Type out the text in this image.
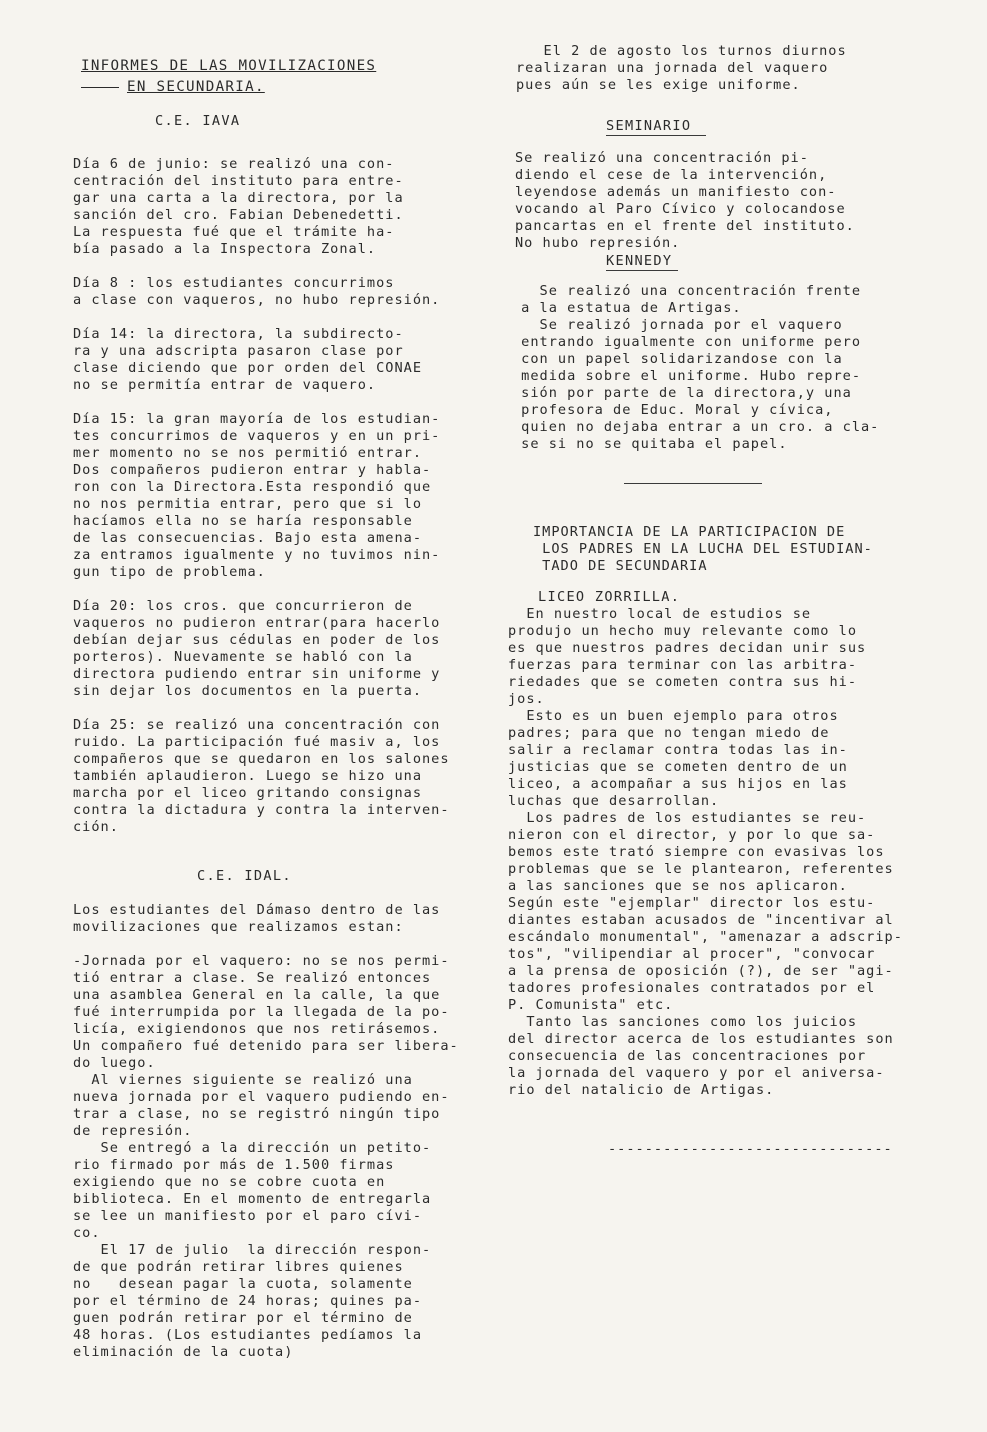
INFORMES DE LAS MOVILIZACIONES

EN SECUNDARIA.

C.E. IAVA

Día 6 de junio: se realizó una con-
centración del instituto para entre-
gar una carta a la directora, por la
sanción del cro. Fabian Debenedetti.
La respuesta fué que el trámite ha-
bía pasado a la Inspectora Zonal.

Día 8 : los estudiantes concurrimos
a clase con vaqueros, no hubo represión.

Día 14: la directora, la subdirecto-
ra y una adscripta pasaron clase por
clase diciendo que por orden del CONAE
no se permitía entrar de vaquero.

Día 15: la gran mayoría de los estudian-
tes concurrimos de vaqueros y en un pri-
mer momento no se nos permitió entrar.
Dos compañeros pudieron entrar y habla-
ron con la Directora.Esta respondió que
no nos permitia entrar, pero que si lo
hacíamos ella no se haría responsable
de las consecuencias. Bajo esta amena-
za entramos igualmente y no tuvimos nin-
gun tipo de problema.

Día 20: los cros. que concurrieron de
vaqueros no pudieron entrar(para hacerlo
debían dejar sus cédulas en poder de los
porteros). Nuevamente se habló con la
directora pudiendo entrar sin uniforme y
sin dejar los documentos en la puerta.

Día 25: se realizó una concentración con
ruido. La participación fué masiv a, los
compañeros que se quedaron en los salones
también aplaudieron. Luego se hizo una
marcha por el liceo gritando consignas
contra la dictadura y contra la interven-
ción.

C.E. IDAL.

Los estudiantes del Dámaso dentro de las
movilizaciones que realizamos estan:

-Jornada por el vaquero: no se nos permi-
tió entrar a clase. Se realizó entonces
una asamblea General en la calle, la que
fué interrumpida por la llegada de la po-
licía, exigiendonos que nos retirásemos.
Un compañero fué detenido para ser libera-
do luego.
Al viernes siguiente se realizó una
nueva jornada por el vaquero pudiendo en-
trar a clase, no se registró ningún tipo
de represión.
Se entregó a la dirección un petito-
rio firmado por más de 1.500 firmas
exigiendo que no se cobre cuota en
biblioteca. En el momento de entregarla
se lee un manifiesto por el paro cívi-
co.
El 17 de julio  la dirección respon-
de que podrán retirar libres quienes
no   desean pagar la cuota, solamente
por el término de 24 horas; quines pa-
guen podrán retirar por el término de
48 horas. (Los estudiantes pedíamos la
eliminación de la cuota)

El 2 de agosto los turnos diurnos
realizaran una jornada del vaquero
pues aún se les exige uniforme.

SEMINARIO

Se realizó una concentración pi-
diendo el cese de la intervención,
leyendose además un manifiesto con-
vocando al Paro Cívico y colocandose
pancartas en el frente del instituto.
No hubo represión.

KENNEDY

Se realizó una concentración frente
a la estatua de Artigas.
Se realizó jornada por el vaquero
entrando igualmente con uniforme pero
con un papel solidarizandose con la
medida sobre el uniforme. Hubo repre-
sión por parte de la directora,y una
profesora de Educ. Moral y cívica,
quien no dejaba entrar a un cro. a cla-
se si no se quitaba el papel.

IMPORTANCIA DE LA PARTICIPACION DE
LOS PADRES EN LA LUCHA DEL ESTUDIAN-
TADO DE SECUNDARIA

LICEO ZORRILLA.

En nuestro local de estudios se
produjo un hecho muy relevante como lo
es que nuestros padres decidan unir sus
fuerzas para terminar con las arbitra-
riedades que se cometen contra sus hi-
jos.
Esto es un buen ejemplo para otros
padres; para que no tengan miedo de
salir a reclamar contra todas las in-
justicias que se cometen dentro de un
liceo, a acompañar a sus hijos en las
luchas que desarrollan.
Los padres de los estudiantes se reu-
nieron con el director, y por lo que sa-
bemos este trató siempre con evasivas los
problemas que se le plantearon, referentes
a las sanciones que se nos aplicaron.
Según este "ejemplar" director los estu-
diantes estaban acusados de "incentivar al
escándalo monumental", "amenazar a adscrip-
tos", "vilipendiar al procer", "convocar
a la prensa de oposición (?), de ser "agi-
tadores profesionales contratados por el
P. Comunista" etc.
Tanto las sanciones como los juicios
del director acerca de los estudiantes son
consecuencia de las concentraciones por
la jornada del vaquero y por el aniversa-
rio del natalicio de Artigas.

-------------------------------
